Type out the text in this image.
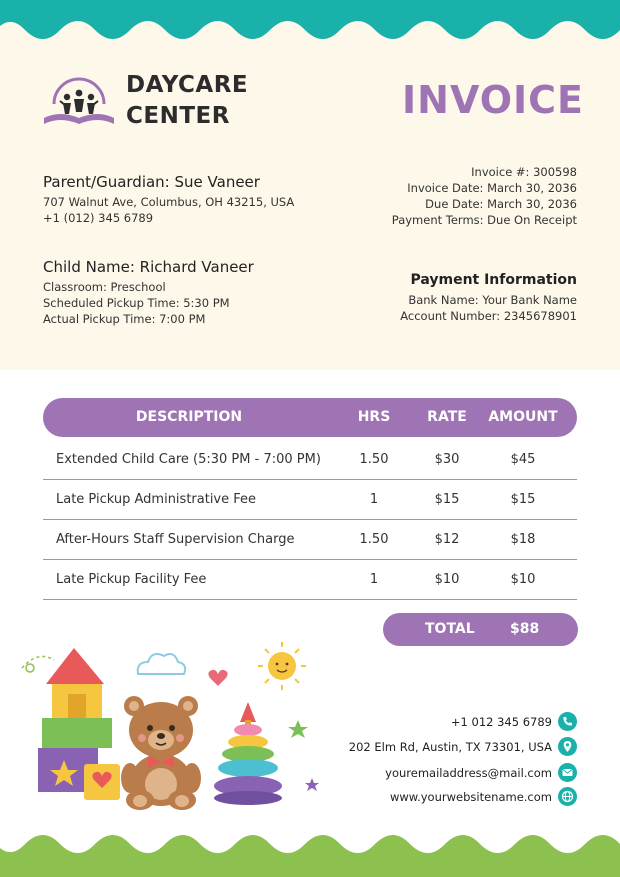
DAYCARE
CENTER	INVOICE
Parent/Guardian: Sue Vaneer
707 Walnut Ave, Columbus, OH 43215, USA
+1 (012) 345 6789
Invoice #: 300598
Invoice Date: March 30, 2036
Due Date: March 30, 2036
Payment Terms: Due On Receipt
Child Name: Richard Vaneer
Classroom: Preschool
Scheduled Pickup Time: 5:30 PM
Actual Pickup Time: 7:00 PM
Payment Information
Bank Name: Your Bank Name
Account Number: 2345678901
DESCRIPTION	HRS	RATE	AMOUNT
Extended Child Care (5:30 PM - 7:00 PM)	1.50	$30	$45
Late Pickup Administrative Fee	1	$15	$15
After-Hours Staff Supervision Charge	1.50	$12	$18
Late Pickup Facility Fee	1	$10	$10
TOTAL	$88
+1 012 345 6789
202 Elm Rd, Austin, TX 73301, USA
youremailaddress@mail.com
www.yourwebsitename.com
